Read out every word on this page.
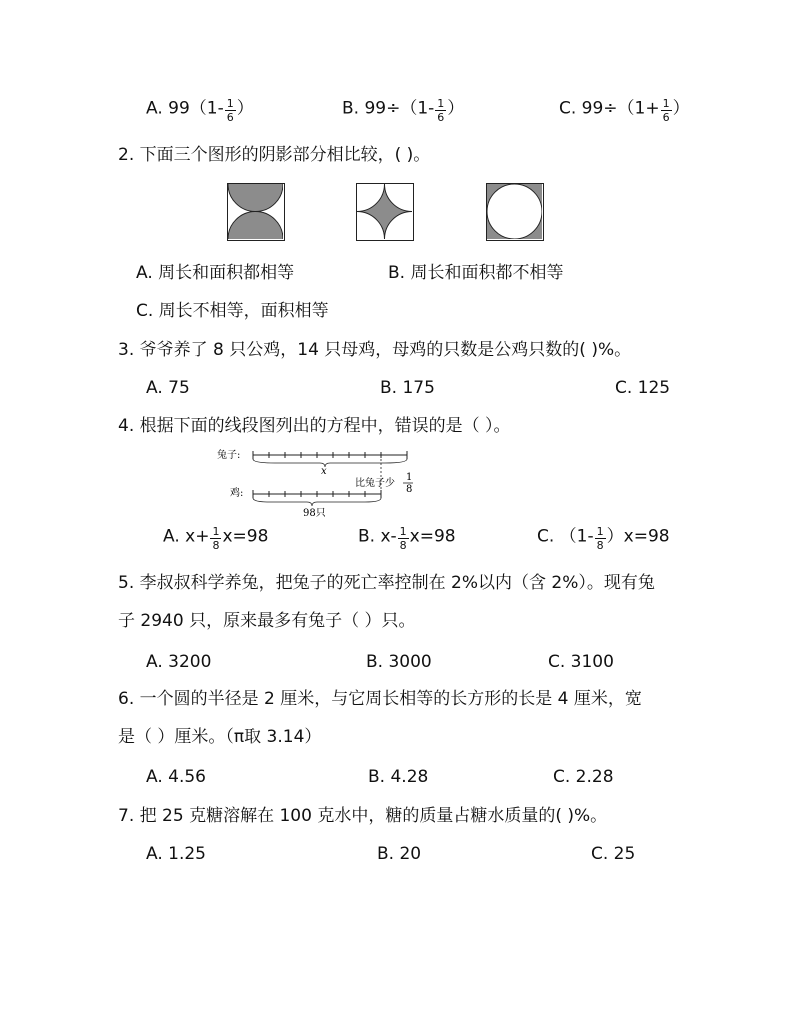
A. $99(1- \frac{1}{6}$ ）	B. $99\div(1- \frac{1}{6}$ ）	C. $99\div(1+ \frac{1}{6}$ ）
2. 下面三个图形的阴影部分相比较，( )。
A. 周长和面积都相等	B. 周长和面积都不相等
C. 周长不相等，面积相等
3. 爷爷养了 8 只公鸡，14 只母鸡，母鸡的只数是公鸡只数的( )%。
A. 75	B. 175	C. 125
4. 根据下面的线段图列出的方程中，错误的是（ ）。
兔子:
x
比兔子少
1
8
鸡:
98只
A. $x+ \frac{1}{8} x=98$	B. $x- \frac{1}{8} x=98$	C. $(1- \frac{1}{8} )x=98$
5. 李叔叔科学养兔，把兔子的死亡率控制在 2%以内（含 2%）。现有兔
子 2940 只，原来最多有兔子（ ）只。
A. 3200	B. 3000	C. 3100
6. 一个圆的半径是 2 厘米，与它周长相等的长方形的长是 4 厘米，宽
是（ ）厘米。（π取 3.14）
A. 4.56	B. 4.28	C. 2.28
7. 把 25 克糖溶解在 100 克水中，糖的质量占糖水质量的( )%。
A. 1.25	B. 20	C. 25
